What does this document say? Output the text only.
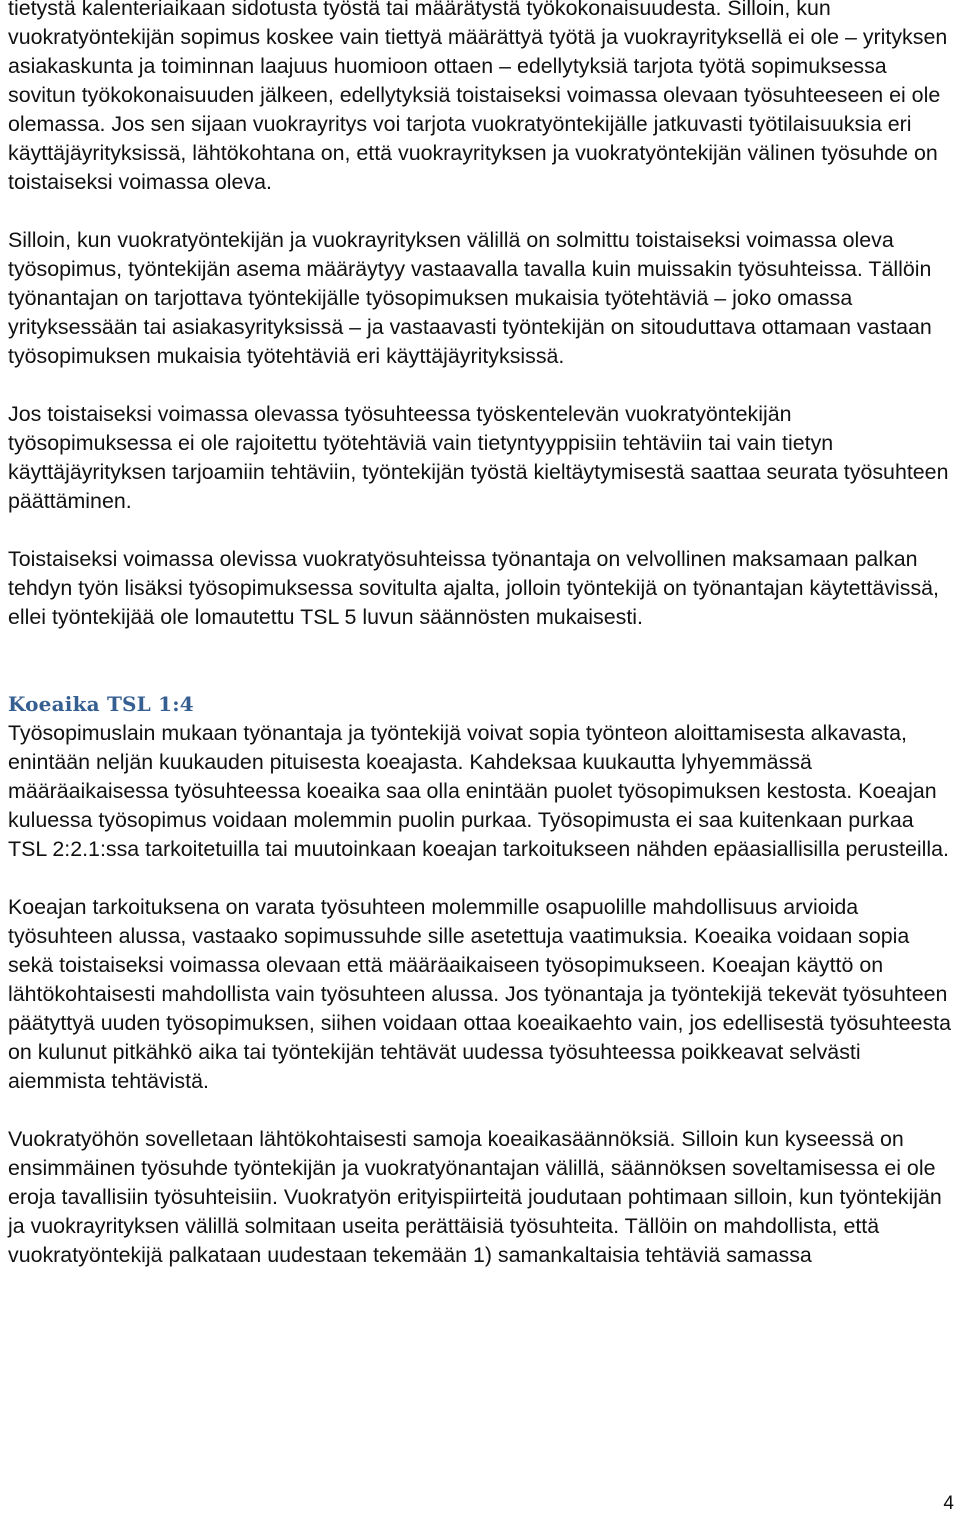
tietystä kalenteriaikaan sidotusta työstä tai määrätystä työkokonaisuudesta. Silloin, kun vuokratyöntekijän sopimus koskee vain tiettyä määrättyä työtä ja vuokrayrityksellä ei ole – yrityksen asiakaskunta ja toiminnan laajuus huomioon ottaen – edellytyksiä tarjota työtä sopimuksessa sovitun työkokonaisuuden jälkeen, edellytyksiä toistaiseksi voimassa olevaan työsuhteeseen ei ole olemassa. Jos sen sijaan vuokrayritys voi tarjota vuokratyöntekijälle jatkuvasti työtilaisuuksia eri käyttäjäyrityksissä, lähtökohtana on, että vuokrayrityksen ja vuokratyöntekijän välinen työsuhde on toistaiseksi voimassa oleva.

Silloin, kun vuokratyöntekijän ja vuokrayrityksen välillä on solmittu toistaiseksi voimassa oleva työsopimus, työntekijän asema määräytyy vastaavalla tavalla kuin muissakin työsuhteissa. Tällöin työnantajan on tarjottava työntekijälle työsopimuksen mukaisia työtehtäviä – joko omassa yrityksessään tai asiakasyrityksissä – ja vastaavasti työntekijän on sitouduttava ottamaan vastaan työsopimuksen mukaisia työtehtäviä eri käyttäjäyrityksissä.

Jos toistaiseksi voimassa olevassa työsuhteessa työskentelevän vuokratyöntekijän työsopimuksessa ei ole rajoitettu työtehtäviä vain tietyntyyppisiin tehtäviin tai vain tietyn käyttäjäyrityksen tarjoamiin tehtäviin, työntekijän työstä kieltäytymisestä saattaa seurata työsuhteen päättäminen.

Toistaiseksi voimassa olevissa vuokratyösuhteissa työnantaja on velvollinen maksamaan palkan tehdyn työn lisäksi työsopimuksessa sovitulta ajalta, jolloin työntekijä on työnantajan käytettävissä, ellei työntekijää ole lomautettu TSL 5 luvun säännösten mukaisesti.

Koeaika TSL 1:4

Työsopimuslain mukaan työnantaja ja työntekijä voivat sopia työnteon aloittamisesta alkavasta, enintään neljän kuukauden pituisesta koeajasta. Kahdeksaa kuukautta lyhyemmässä määräaikaisessa työsuhteessa koeaika saa olla enintään puolet työsopimuksen kestosta. Koeajan kuluessa työsopimus voidaan molemmin puolin purkaa. Työsopimusta ei saa kuitenkaan purkaa TSL 2:2.1:ssa tarkoitetuilla tai muutoinkaan koeajan tarkoitukseen nähden epäasiallisilla perusteilla.

Koeajan tarkoituksena on varata työsuhteen molemmille osapuolille mahdollisuus arvioida työsuhteen alussa, vastaako sopimussuhde sille asetettuja vaatimuksia. Koeaika voidaan sopia sekä toistaiseksi voimassa olevaan että määräaikaiseen työsopimukseen. Koeajan käyttö on lähtökohtaisesti mahdollista vain työsuhteen alussa. Jos työnantaja ja työntekijä tekevät työsuhteen päätyttyä uuden työsopimuksen, siihen voidaan ottaa koeaikaehto vain, jos edellisestä työsuhteesta on kulunut pitkähkö aika tai työntekijän tehtävät uudessa työsuhteessa poikkeavat selvästi aiemmista tehtävistä.

Vuokratyöhön sovelletaan lähtökohtaisesti samoja koeaikasäännöksiä. Silloin kun kyseessä on ensimmäinen työsuhde työntekijän ja vuokratyönantajan välillä, säännöksen soveltamisessa ei ole eroja tavallisiin työsuhteisiin. Vuokratyön erityispiirteitä joudutaan pohtimaan silloin, kun työntekijän ja vuokrayrityksen välillä solmitaan useita perättäisiä työsuhteita. Tällöin on mahdollista, että vuokratyöntekijä palkataan uudestaan tekemään 1) samankaltaisia tehtäviä samassa

4
